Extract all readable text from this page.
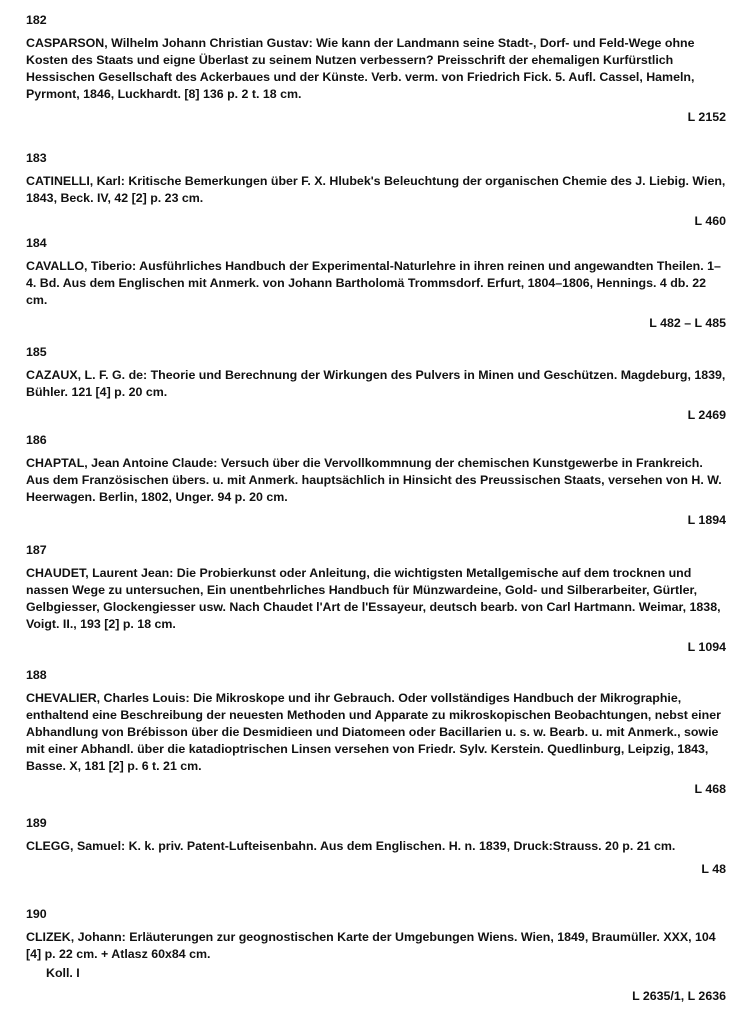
182
CASPARSON, Wilhelm Johann Christian Gustav: Wie kann der Landmann seine Stadt-, Dorf- und Feld-Wege ohne Kosten des Staats und eigne Überlast zu seinem Nutzen verbessern? Preisschrift der ehemaligen Kurfürstlich Hessischen Gesellschaft des Ackerbaues und der Künste. Verb. verm. von Friedrich Fick. 5. Aufl. Cassel, Hameln, Pyrmont, 1846, Luckhardt. [8] 136 p. 2 t. 18 cm.
L 2152
183
CATINELLI, Karl: Kritische Bemerkungen über F. X. Hlubek's Beleuchtung der organischen Chemie des J. Liebig. Wien, 1843, Beck. IV, 42 [2] p. 23 cm.
L 460
184
CAVALLO, Tiberio: Ausführliches Handbuch der Experimental-Naturlehre in ihren reinen und angewandten Theilen. 1–4. Bd. Aus dem Englischen mit Anmerk. von Johann Bartholomä Trommsdorf. Erfurt, 1804–1806, Hennings. 4 db. 22 cm.
L 482 – L 485
185
CAZAUX, L. F. G. de: Theorie und Berechnung der Wirkungen des Pulvers in Minen und Geschützen. Magdeburg, 1839, Bühler. 121 [4] p. 20 cm.
L 2469
186
CHAPTAL, Jean Antoine Claude: Versuch über die Vervollkommnung der chemischen Kunstgewerbe in Frankreich. Aus dem Französischen übers. u. mit Anmerk. hauptsächlich in Hinsicht des Preussischen Staats, versehen von H. W. Heerwagen. Berlin, 1802, Unger. 94 p. 20 cm.
L 1894
187
CHAUDET, Laurent Jean: Die Probierkunst oder Anleitung, die wichtigsten Metallgemische auf dem trocknen und nassen Wege zu untersuchen, Ein unentbehrliches Handbuch für Münzwardeine, Gold- und Silberarbeiter, Gürtler, Gelbgiesser, Glockengiesser usw. Nach Chaudet l'Art de l'Essayeur, deutsch bearb. von Carl Hartmann. Weimar, 1838, Voigt. II., 193 [2] p. 18 cm.
L 1094
188
CHEVALIER, Charles Louis: Die Mikroskope und ihr Gebrauch. Oder vollständiges Handbuch der Mikrographie, enthaltend eine Beschreibung der neuesten Methoden und Apparate zu mikroskopischen Beobachtungen, nebst einer Abhandlung von Brébisson über die Desmidieen und Diatomeen oder Bacillarien u. s. w. Bearb. u. mit Anmerk., sowie mit einer Abhandl. über die katadioptrischen Linsen versehen von Friedr. Sylv. Kerstein. Quedlinburg, Leipzig, 1843, Basse. X, 181 [2] p. 6 t. 21 cm.
L 468
189
CLEGG, Samuel: K. k. priv. Patent-Lufteisenbahn. Aus dem Englischen. H. n. 1839, Druck:Strauss. 20 p. 21 cm.
L 48
190
CLIZEK, Johann: Erläuterungen zur geognostischen Karte der Umgebungen Wiens. Wien, 1849, Braumüller. XXX, 104 [4] p. 22 cm. + Atlasz 60x84 cm.
Koll. I
L 2635/1, L 2636
